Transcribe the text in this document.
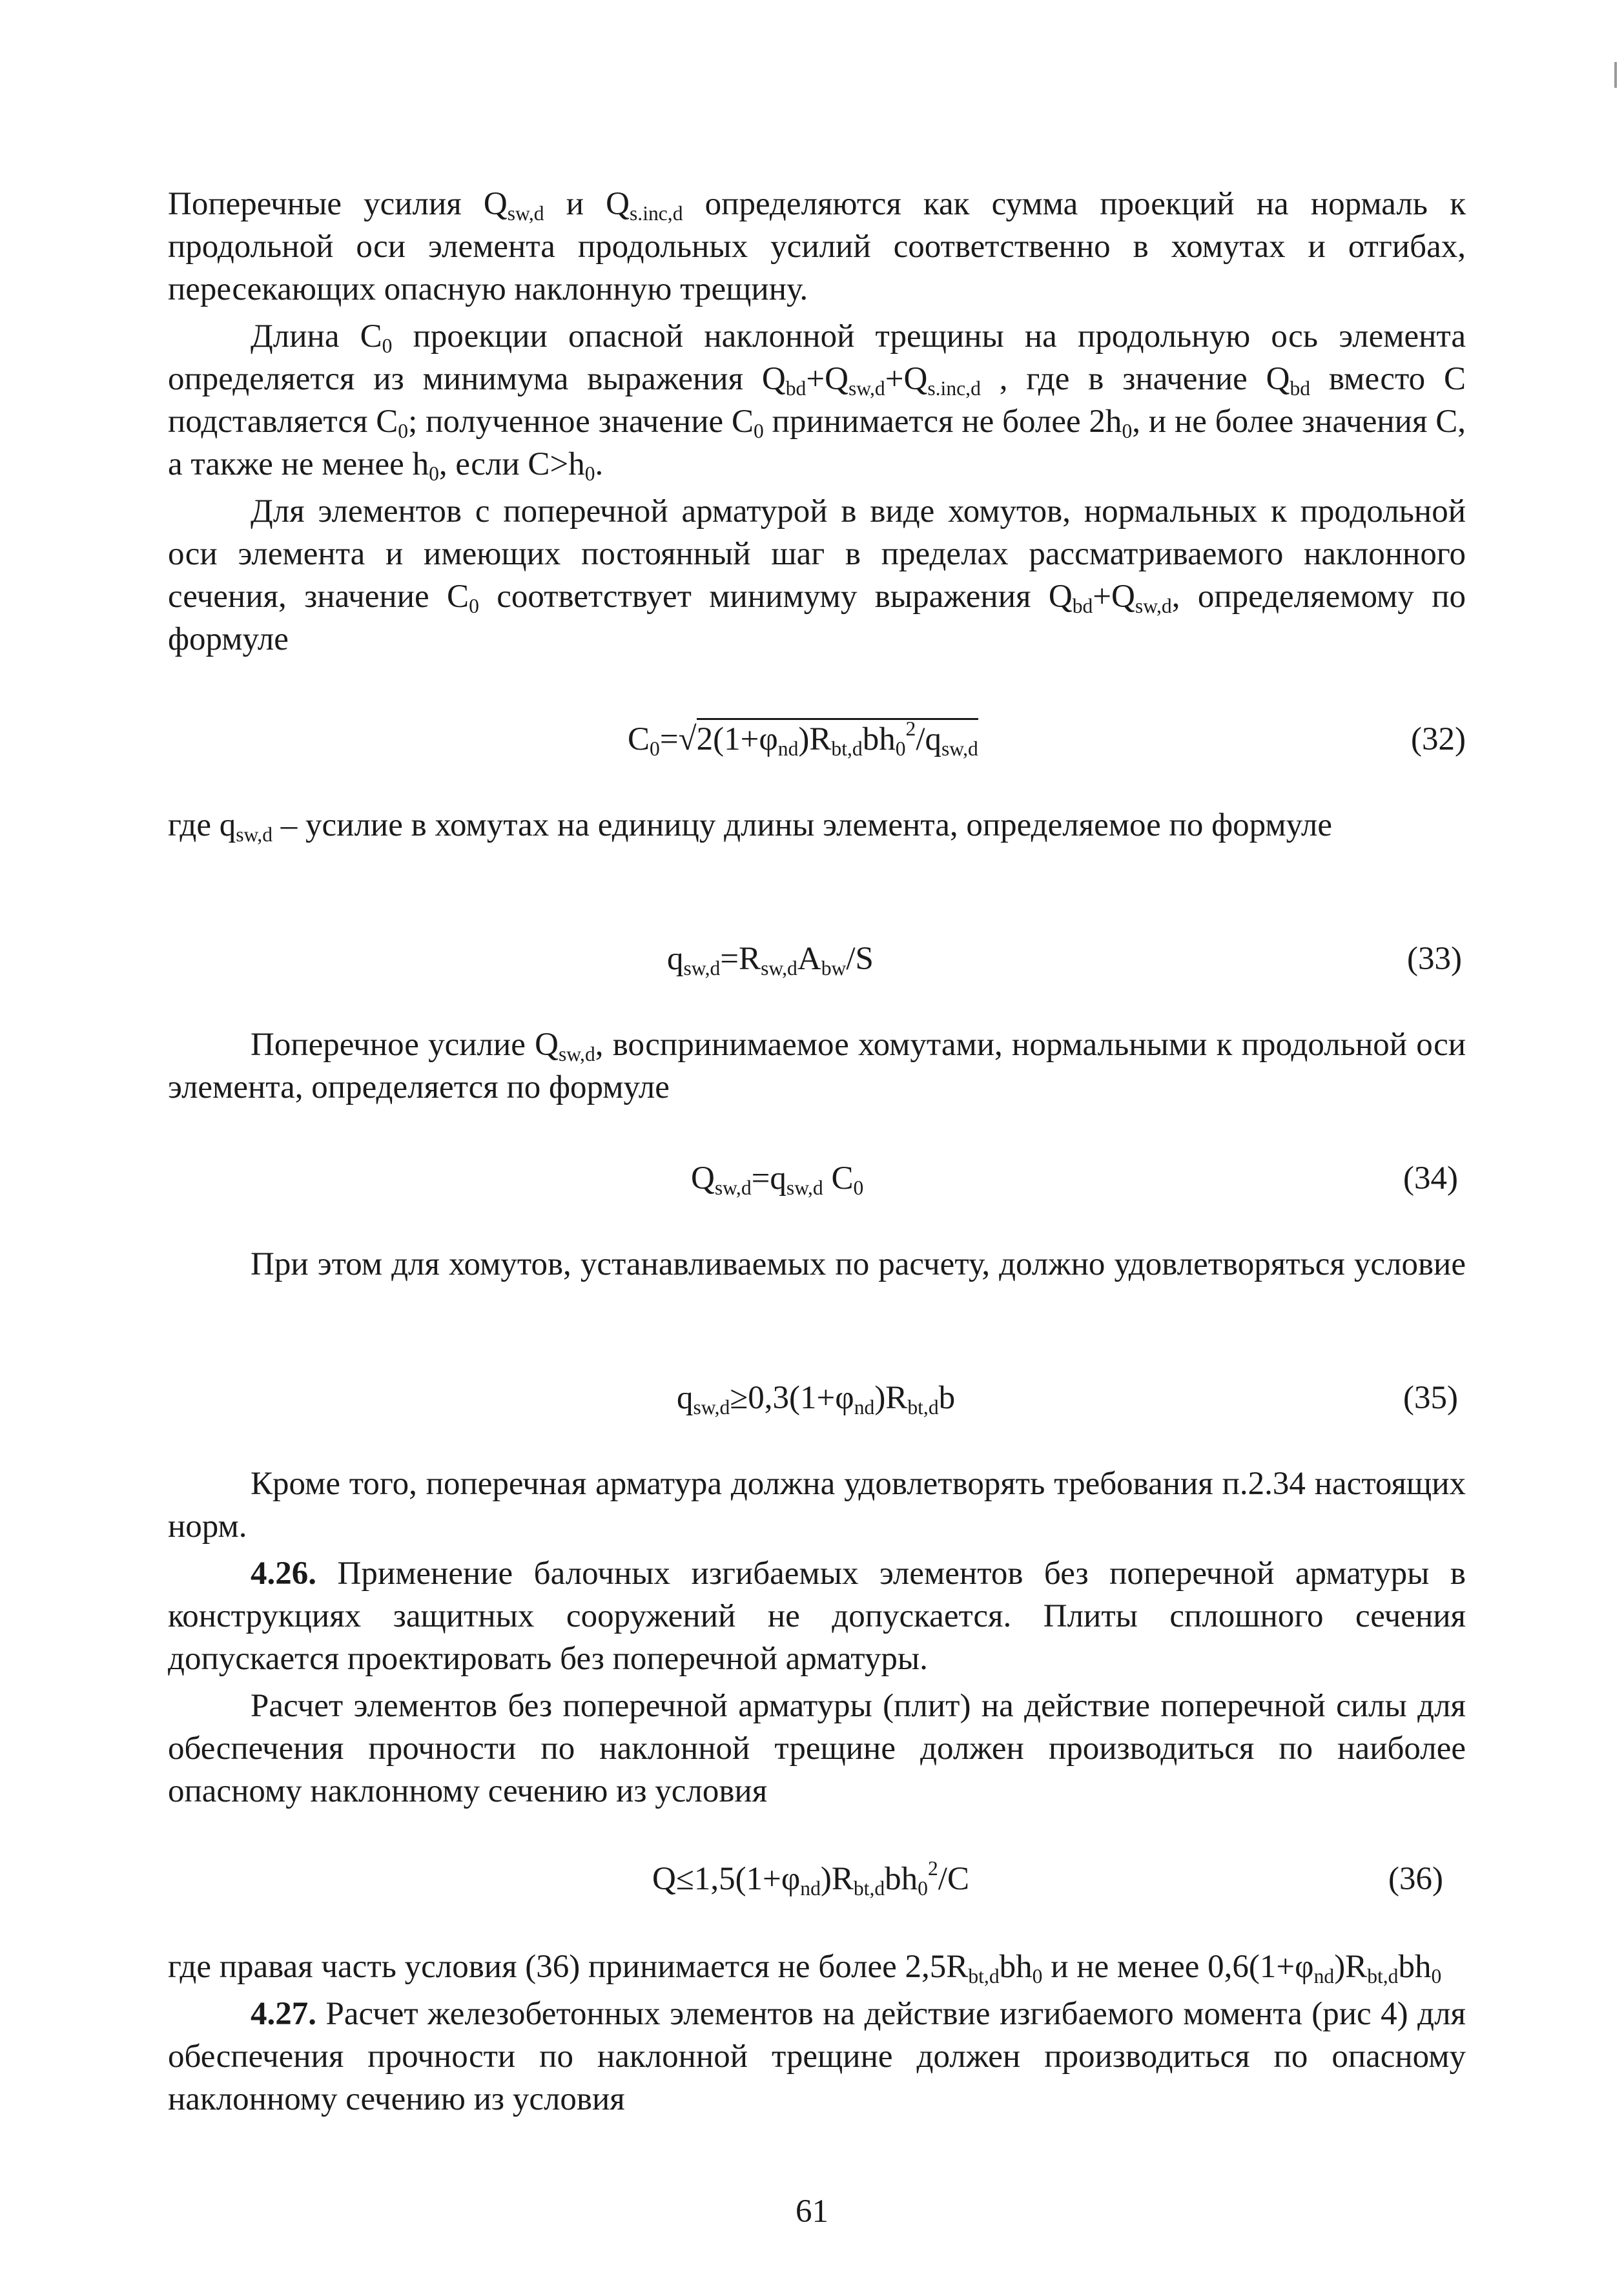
Поперечные усилия $Q_{sw,d}$ и $Q_{s.inc,d}$ определяются как сумма проекций на нормаль к продольной оси элемента продольных усилий соответственно в хомутах и отгибах, пересекающих опасную наклонную трещину.

Длина $C_0$ проекции опасной наклонной трещины на продольную ось элемента определяется из минимума выражения $Q_{bd}+Q_{sw,d}+Q_{s.inc,d}$ , где в значение $Q_{bd}$ вместо C подставляется $C_0$; полученное значение $C_0$ принимается не более $2h_0$, и не более значения C, а также не менее $h_0$, если $C>h_0$.

Для элементов с поперечной арматурой в виде хомутов, нормальных к продольной оси элемента и имеющих постоянный шаг в пределах рассматриваемого наклонного сечения, значение $C_0$ соответствует минимуму выражения $Q_{bd}+Q_{sw,d}$, определяемому по формуле

$C_0=√2(1+\varphi_{nd})R_{bt,d}bh_0^2/q_{sw,d}$	(32)

где $q_{sw,d}$ – усилие в хомутах на единицу длины элемента, определяемое по формуле

$q_{sw,d}=R_{sw,d}A_{bw}/S$	(33)

Поперечное усилие $Q_{sw,d}$, воспринимаемое хомутами, нормальными к продольной оси элемента, определяется по формуле

$Q_{sw,d}=q_{sw,d}$ $C_0$	(34)

При этом для хомутов, устанавливаемых по расчету, должно удовлетворяться условие

$q_{sw,d}\ge 0,3(1+\varphi_{nd})R_{bt,d}b$	(35)

Кроме того, поперечная арматура должна удовлетворять требования п.2.34 настоящих норм.

4.26. Применение балочных изгибаемых элементов без поперечной арматуры в конструкциях защитных сооружений не допускается. Плиты сплошного сечения допускается проектировать без поперечной арматуры.

Расчет элементов без поперечной арматуры (плит) на действие поперечной силы для обеспечения прочности по наклонной трещине должен производиться по наиболее опасному наклонному сечению из условия

$Q\le 1,5(1+\varphi_{nd})R_{bt,d}bh_0^2/C$	(36)

где правая часть условия (36) принимается не более $2,5R_{bt,d}bh_0$ и не менее $0,6(1+\varphi_{nd})R_{bt,d}bh_0$

4.27. Расчет железобетонных элементов на действие изгибаемого момента (рис 4) для обеспечения прочности по наклонной трещине должен производиться по опасному наклонному сечению из условия

61
